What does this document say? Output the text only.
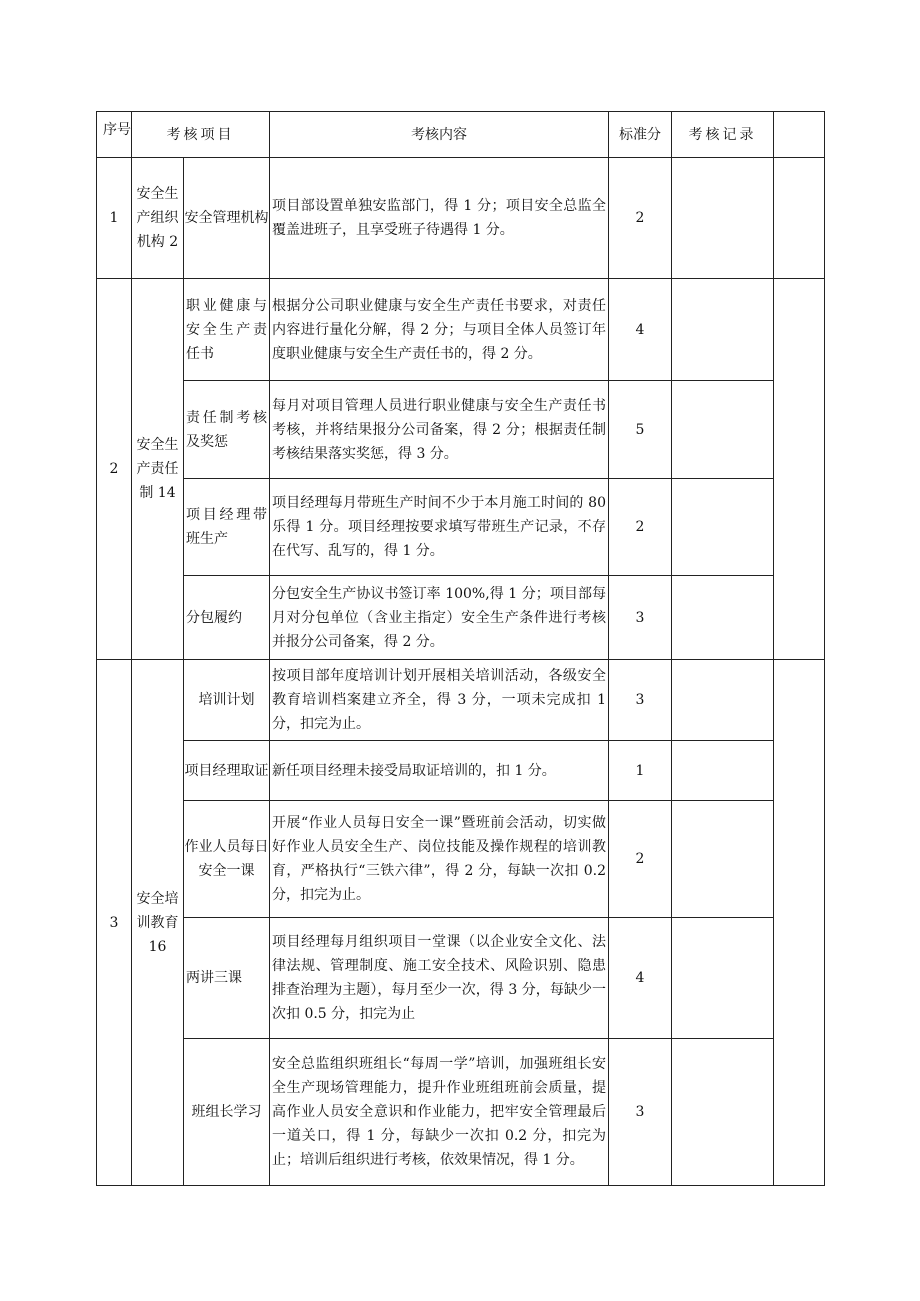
序号	考核项目		考核内容	标准分	考核记录	
1	安全生产组织机构 2	安全管理机构	项目部设置单独安监部门，得 1 分；项目安全总监全覆盖进班子，且享受班子待遇得 1 分。	2		
2	安全生产责任制 14	职业健康与安全生产责任书	根据分公司职业健康与安全生产责任书要求，对责任内容进行量化分解，得 2 分；与项目全体人员签订年度职业健康与安全生产责任书的，得 2 分。	4		
		责任制考核及奖惩	每月对项目管理人员进行职业健康与安全生产责任书考核，并将结果报分公司备案，得 2 分；根据责任制考核结果落实奖惩，得 3 分。	5		
		项目经理带班生产	项目经理每月带班生产时间不少于本月施工时间的 80 乐得 1 分。项目经理按要求填写带班生产记录，不存在代写、乱写的，得 1 分。	2		
		分包履约	分包安全生产协议书签订率 100%,得 1 分；项目部每月对分包单位（含业主指定）安全生产条件进行考核并报分公司备案，得 2 分。	3		
3	安全培训教育 16	培训计划	按项目部年度培训计划开展相关培训活动，各级安全教育培训档案建立齐全，得 3 分，一项未完成扣 1 分，扣完为止。	3		
		项目经理取证	新任项目经理未接受局取证培训的，扣 1 分。	1		
		作业人员每日安全一课	开展“作业人员每日安全一课”暨班前会活动，切实做好作业人员安全生产、岗位技能及操作规程的培训教育，严格执行“三铁六律”，得 2 分，每缺一次扣 0.2 分，扣完为止。	2		
		两讲三课	项目经理每月组织项目一堂课（以企业安全文化、法律法规、管理制度、施工安全技术、风险识别、隐患排查治理为主题），每月至少一次，得 3 分，每缺少一次扣 0.5 分，扣完为止	4		
		班组长学习	安全总监组织班组长“每周一学”培训，加强班组长安全生产现场管理能力，提升作业班组班前会质量，提高作业人员安全意识和作业能力，把牢安全管理最后一道关口，得 1 分，每缺少一次扣 0.2 分，扣完为止；培训后组织进行考核，依效果情况，得 1 分。	3		
